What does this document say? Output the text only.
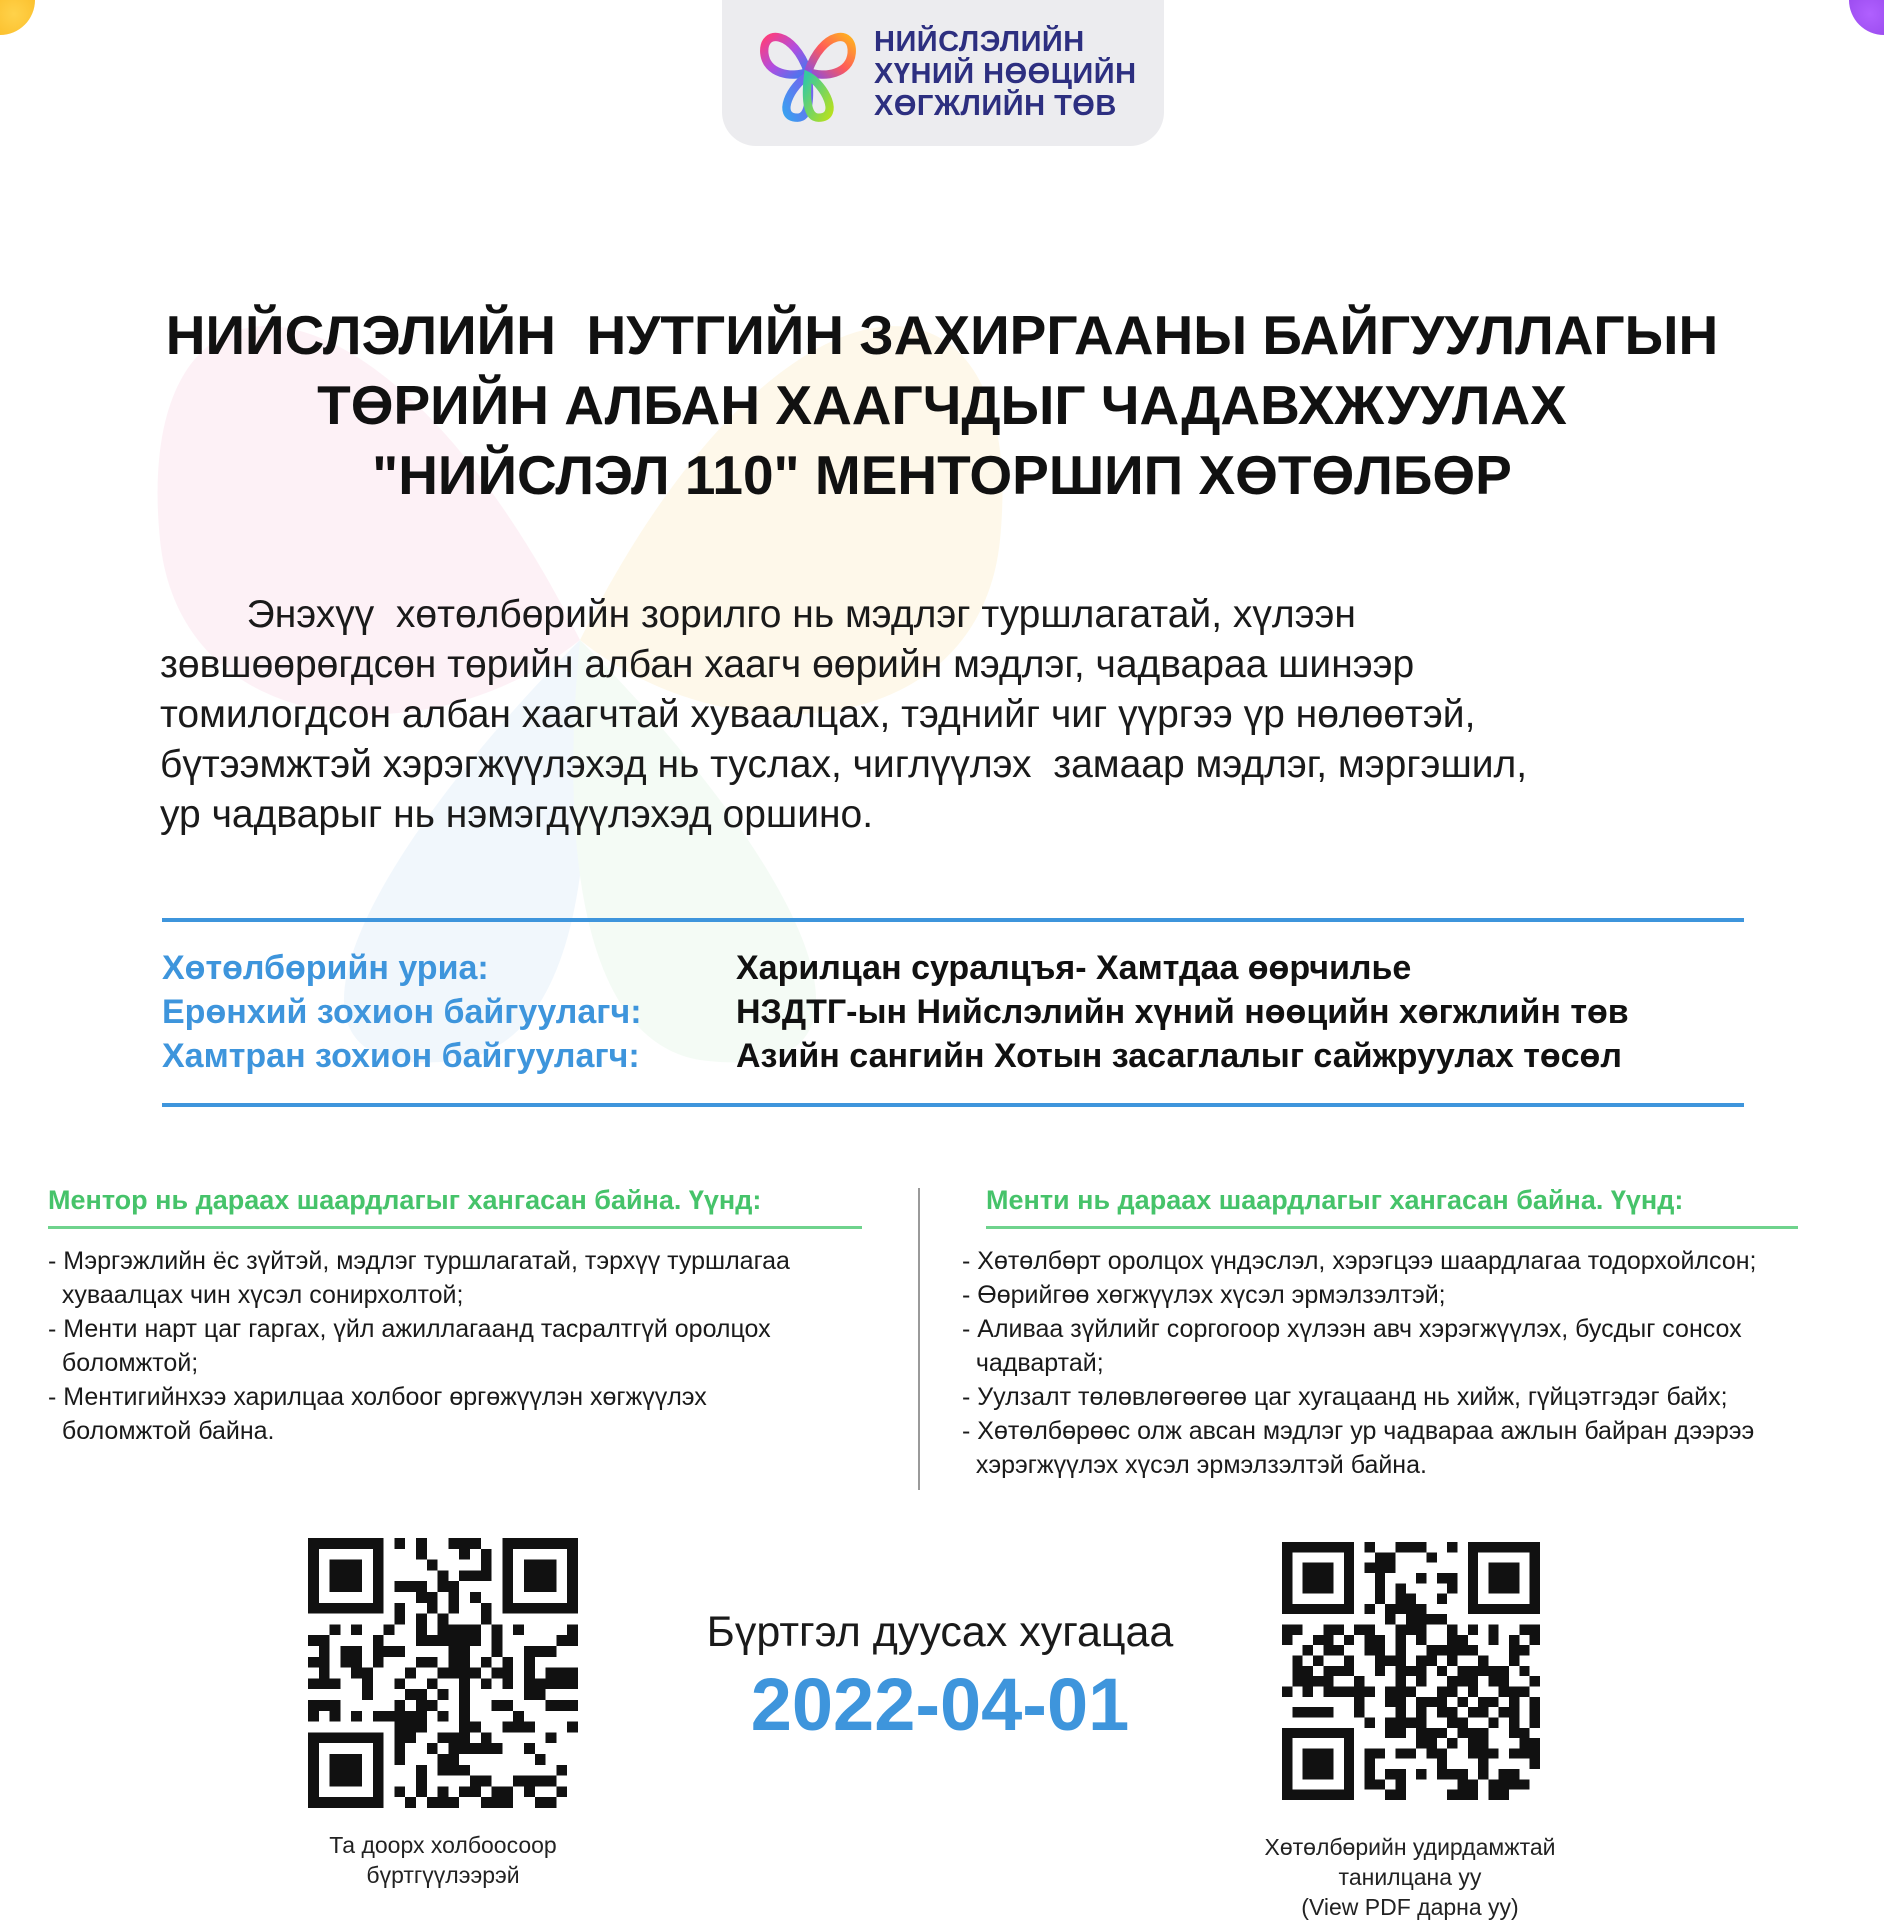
НИЙСЛЭЛИЙН
ХҮНИЙ НӨӨЦИЙН
ХӨГЖЛИЙН ТӨВ
НИЙСЛЭЛИЙН  НУТГИЙН ЗАХИРГААНЫ БАЙГУУЛЛАГЫН
ТӨРИЙН АЛБАН ХААГЧДЫГ ЧАДАВХЖУУЛАХ
"НИЙСЛЭЛ 110" МЕНТОРШИП ХӨТӨЛБӨР
Энэхүү  хөтөлбөрийн зорилго нь мэдлэг туршлагатай, хүлээн
зөвшөөрөгдсөн төрийн албан хаагч өөрийн мэдлэг, чадвараа шинээр
томилогдсон албан хаагчтай хуваалцах, тэднийг чиг үүргээ үр нөлөөтэй,
бүтээмжтэй хэрэгжүүлэхэд нь туслах, чиглүүлэх  замаар мэдлэг, мэргэшил,
ур чадварыг нь нэмэгдүүлэхэд оршино.
Хөтөлбөрийн уриа:	Харилцан суралцъя- Хамтдаа өөрчилье
Ерөнхий зохион байгуулагч:	НЗДТГ-ын Нийслэлийн хүний нөөцийн хөгжлийн төв
Хамтран зохион байгуулагч:	Азийн сангийн Хотын засаглалыг сайжруулах төсөл
Ментор нь дараах шаардлагыг хангасан байна. Үүнд:	Менти нь дараах шаардлагыг хангасан байна. Үүнд:
- Мэргэжлийн ёс зүйтэй, мэдлэг туршлагатай, тэрхүү туршлагаа
хуваалцах чин хүсэл сонирхолтой;
- Менти нарт цаг гаргах, үйл ажиллагаанд тасралтгүй оролцох
боломжтой;
- Ментигийнхээ харилцаа холбоог өргөжүүлэн хөгжүүлэх
боломжтой байна.
- Хөтөлбөрт оролцох үндэслэл, хэрэгцээ шаардлагаа тодорхойлсон;
- Өөрийгөө хөгжүүлэх хүсэл эрмэлзэлтэй;
- Аливаа зүйлийг соргогоор хүлээн авч хэрэгжүүлэх, бусдыг сонсох
чадвартай;
- Уулзалт төлөвлөгөөгөө цаг хугацаанд нь хийж, гүйцэтгэдэг байх;
- Хөтөлбөрөөс олж авсан мэдлэг ур чадвараа ажлын байран дээрээ
хэрэгжүүлэх хүсэл эрмэлзэлтэй байна.
Та доорх холбоосоор
бүртгүүлээрэй
Бүртгэл дуусах хугацаа
2022-04-01
Хөтөлбөрийн удирдамжтай
танилцана уу
(View PDF дарна уу)
